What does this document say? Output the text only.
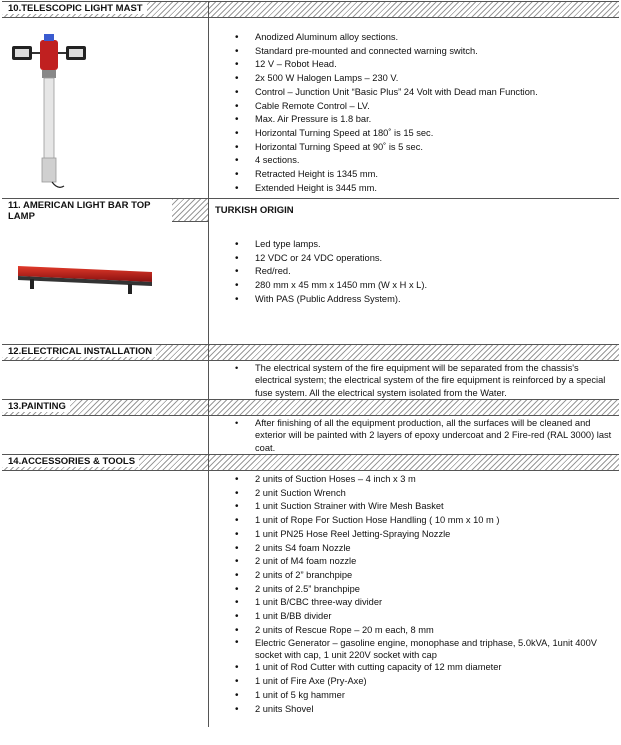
10.TELESCOPIC LIGHT MAST
• Anodized Aluminum alloy sections.
• Standard pre-mounted and connected warning switch.
• 12 V – Robot Head.
• 2x 500 W Halogen Lamps – 230 V.
• Control – Junction Unit “Basic Plus” 24 Volt with Dead man Function.
• Cable Remote Control – LV.
• Max. Air Pressure is 1.8 bar.
• Horizontal Turning Speed at 180˚ is 15 sec.
• Horizontal Turning Speed at 90˚ is 5 sec.
• 4 sections.
• Retracted Height is 1345 mm.
• Extended Height is 3445 mm.
11. AMERICAN LIGHT BAR TOP LAMP
TURKISH ORIGIN
• Led type lamps.
• 12 VDC or 24 VDC operations.
• Red/red.
• 280 mm x 45 mm x 1450 mm (W x H x L).
• With PAS (Public Address System).
12.ELECTRICAL INSTALLATION
• The electrical system of the fire equipment will be separated from the chassis's electrical system; the electrical system of the fire equipment is reinforced by a special fuse system. All the electrical system isolated from the Water.
13.PAINTING
• After finishing of all the equipment production, all the surfaces will be cleaned and exterior will be painted with 2 layers of epoxy undercoat and 2 Fire-red (RAL 3000) last coat.
14.ACCESSORIES & TOOLS
• 2 units of Suction Hoses – 4 inch x 3 m
• 2 unit Suction Wrench
• 1 unit Suction Strainer with Wire Mesh Basket
• 1 unit of Rope For Suction Hose Handling ( 10 mm x 10 m )
• 1 unit PN25 Hose Reel Jetting-Spraying Nozzle
• 2 units S4 foam Nozzle
• 2 unit of M4 foam nozzle
• 2 units of 2” branchpipe
• 2 units of 2.5” branchpipe
• 1 unit B/CBC three-way divider
• 1 unit B/BB divider
• 2 units of Rescue Rope – 20 m each, 8 mm
• Electric Generator – gasoline engine, monophase and triphase, 5.0kVA, 1unit 400V socket with cap, 1 unit 220V socket with cap
• 1 unit of Rod Cutter with cutting capacity of 12 mm diameter
• 1 unit of Fire Axe (Pry-Axe)
• 1 unit of 5 kg hammer
• 2 units Shovel
